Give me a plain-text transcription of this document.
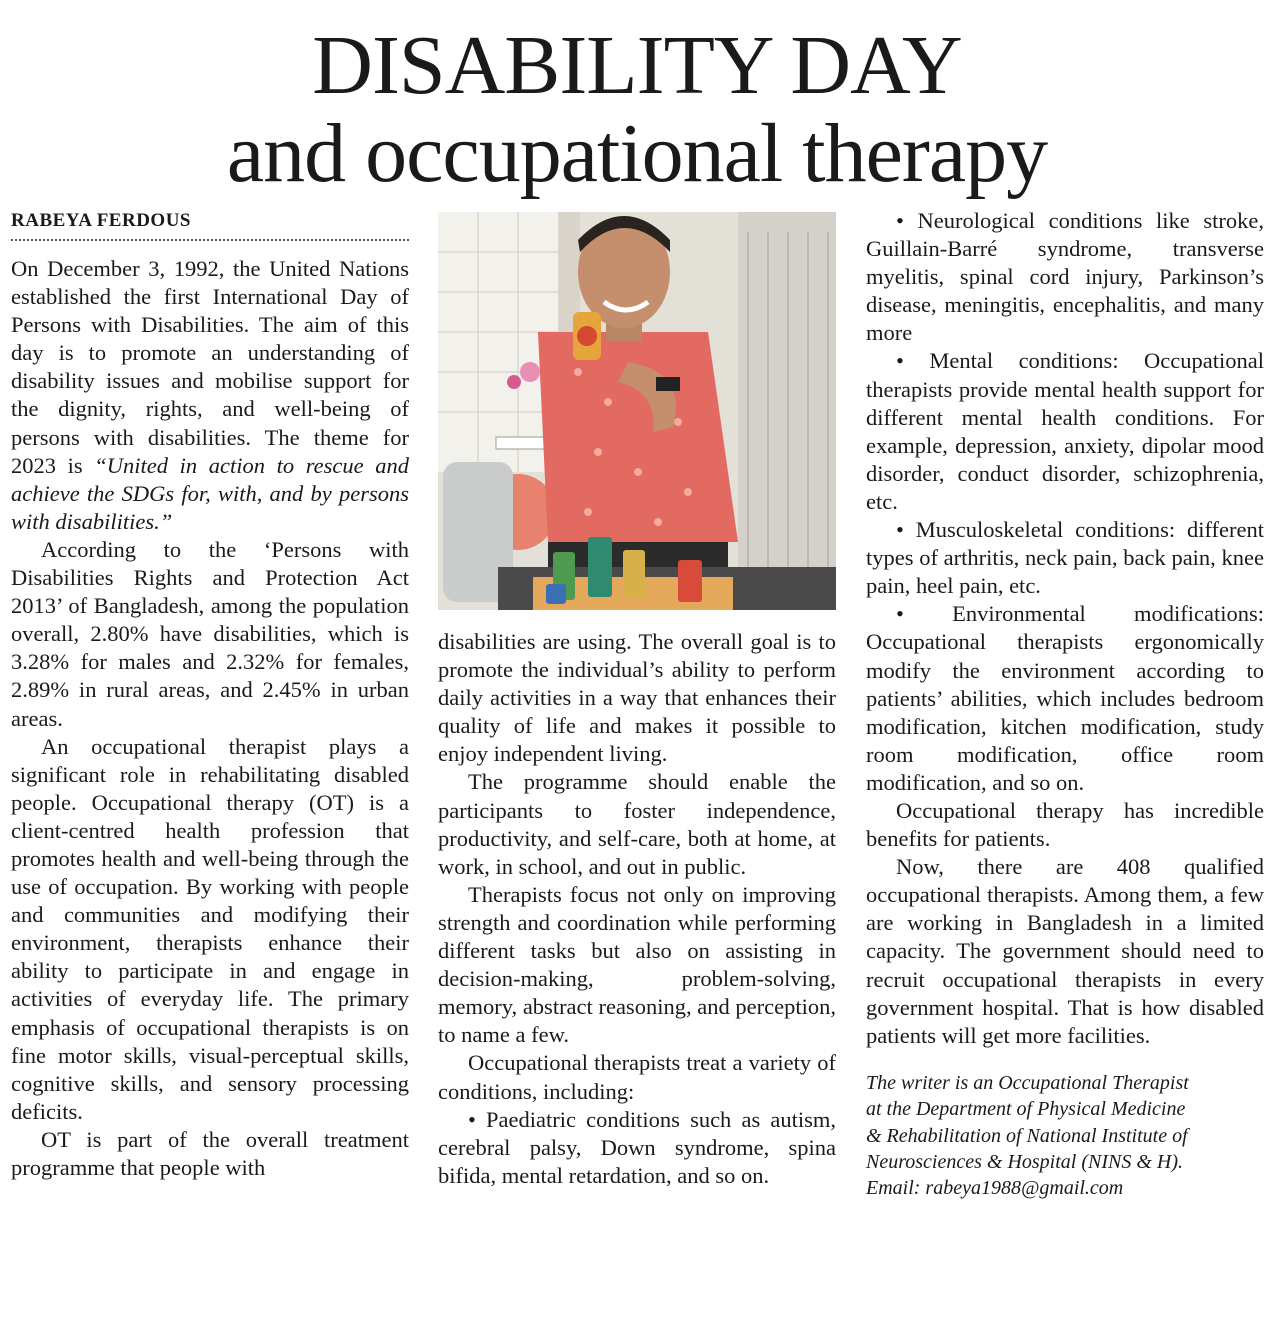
DISABILITY DAY
and occupational therapy
RABEYA FERDOUS

On December 3, 1992, the United Nations established the first International Day of Persons with Disabilities. The aim of this day is to promote an understanding of disability issues and mobilise support for the dignity, rights, and well-being of persons with disabilities. The theme for 2023 is “United in action to rescue and achieve the SDGs for, with, and by persons with disabilities.”

According to the ‘Persons with Disabilities Rights and Protection Act 2013’ of Bangladesh, among the population overall, 2.80% have disabilities, which is 3.28% for males and 2.32% for females, 2.89% in rural areas, and 2.45% in urban areas.

An occupational therapist plays a significant role in rehabilitating disabled people. Occupational therapy (OT) is a client-centred health profession that promotes health and well-being through the use of occupation. By working with people and communities and modifying their environment, therapists enhance their ability to participate in and engage in activities of everyday life. The primary emphasis of occupational therapists is on fine motor skills, visual-perceptual skills, cognitive skills, and sensory processing deficits.

OT is part of the overall treatment programme that people with

disabilities are using. The overall goal is to promote the individual’s ability to perform daily activities in a way that enhances their quality of life and makes it possible to enjoy independent living.

The programme should enable the participants to foster independence, productivity, and self-care, both at home, at work, in school, and out in public.

Therapists focus not only on improving strength and coordination while performing different tasks but also on assisting in decision-making, problem-solving, memory, abstract reasoning, and perception, to name a few.

Occupational therapists treat a variety of conditions, including:

• Paediatric conditions such as autism, cerebral palsy, Down syndrome, spina bifida, mental retardation, and so on.

• Neurological conditions like stroke, Guillain-Barré syndrome, transverse myelitis, spinal cord injury, Parkinson’s disease, meningitis, encephalitis, and many more

• Mental conditions: Occupational therapists provide mental health support for different mental health conditions. For example, depression, anxiety, dipolar mood disorder, conduct disorder, schizophrenia, etc.

• Musculoskeletal conditions: different types of arthritis, neck pain, back pain, knee pain, heel pain, etc.

• Environmental modifications: Occupational therapists ergonomically modify the environment according to patients’ abilities, which includes bedroom modification, kitchen modification, study room modification, office room modification, and so on.

Occupational therapy has incredible benefits for patients.

Now, there are 408 qualified occupational therapists. Among them, a few are working in Bangladesh in a limited capacity. The government should need to recruit occupational therapists in every government hospital. That is how disabled patients will get more facilities.

The writer is an Occupational Therapist
at the Department of Physical Medicine
& Rehabilitation of National Institute of
Neurosciences & Hospital (NINS & H).
Email: rabeya1988@gmail.com
